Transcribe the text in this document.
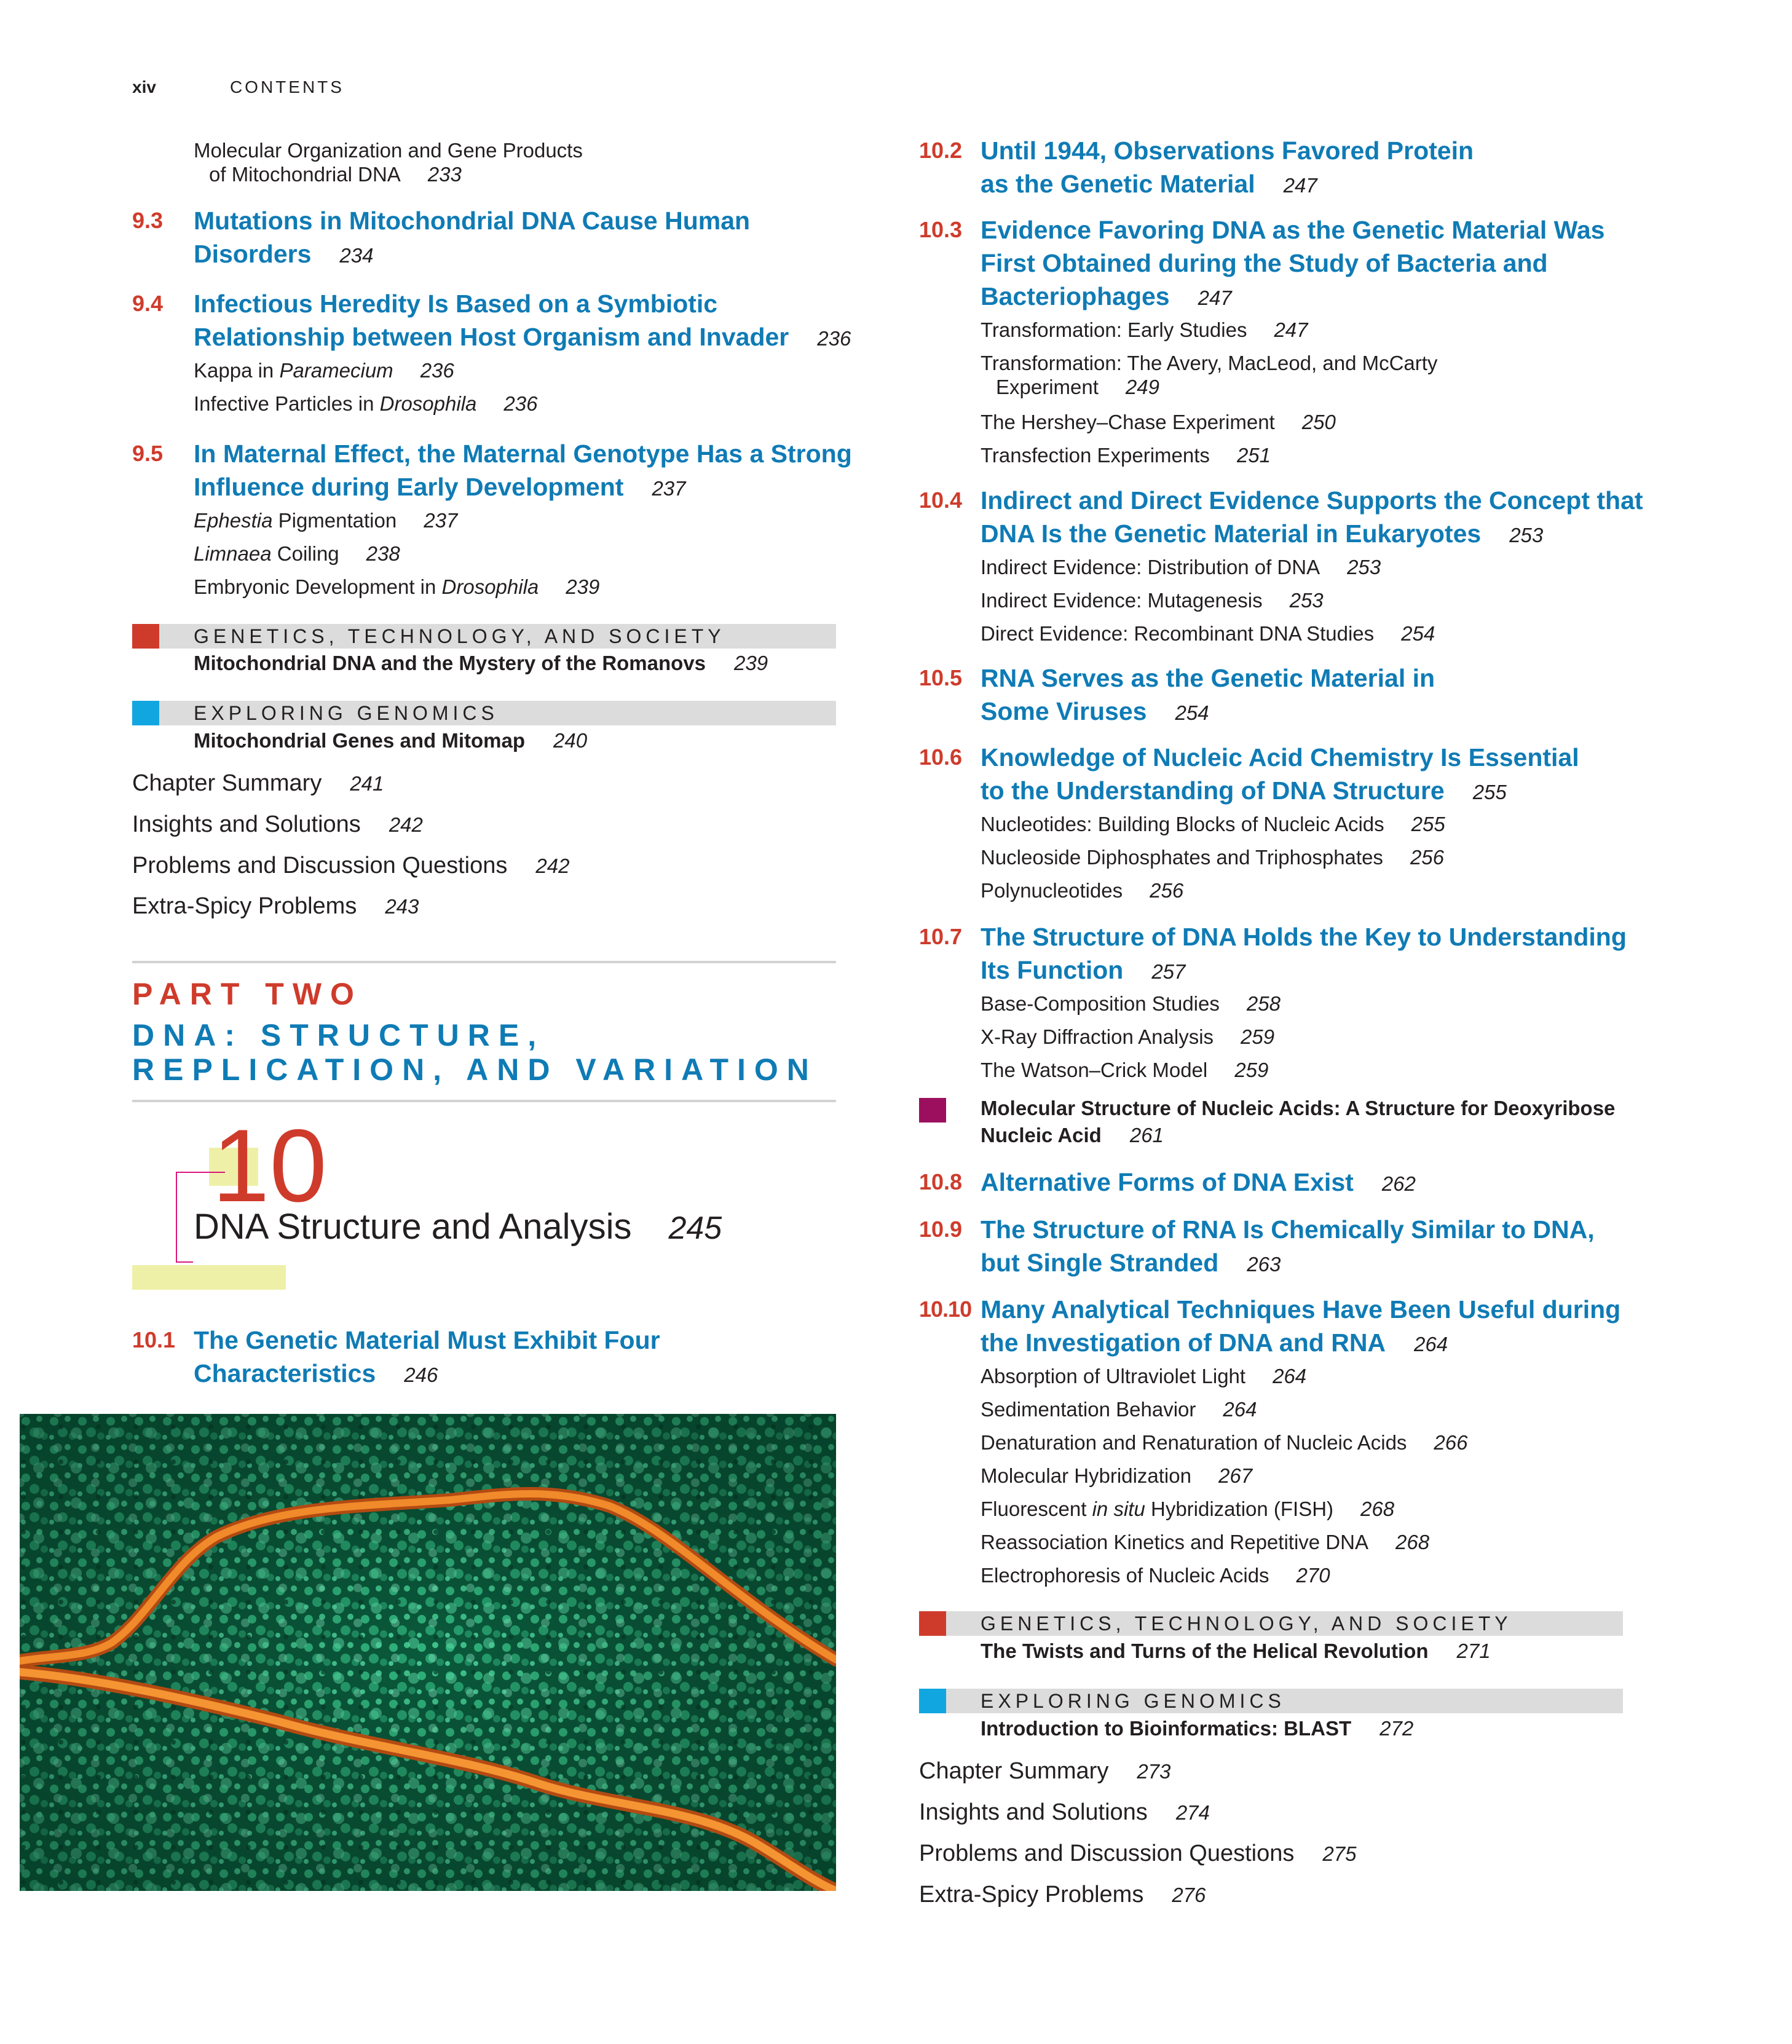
xiv	CONTENTS
Molecular Organization and Gene Products
of Mitochondrial DNA 233
9.3 Mutations in Mitochondrial DNA Cause Human
Disorders 234
9.4 Infectious Heredity Is Based on a Symbiotic
Relationship between Host Organism and Invader 236
Kappa in Paramecium 236
Infective Particles in Drosophila 236
9.5 In Maternal Effect, the Maternal Genotype Has a Strong
Influence during Early Development 237
Ephestia Pigmentation 237
Limnaea Coiling 238
Embryonic Development in Drosophila 239
GENETICS, TECHNOLOGY, AND SOCIETY
Mitochondrial DNA and the Mystery of the Romanovs 239
EXPLORING GENOMICS
Mitochondrial Genes and Mitomap 240
Chapter Summary 241
Insights and Solutions 242
Problems and Discussion Questions 242
Extra-Spicy Problems 243
PART TWO
DNA: STRUCTURE,
REPLICATION, AND VARIATION
10
DNA Structure and Analysis 245
10.1 The Genetic Material Must Exhibit Four
Characteristics 246
10.2 Until 1944, Observations Favored Protein
as the Genetic Material 247
10.3 Evidence Favoring DNA as the Genetic Material Was
First Obtained during the Study of Bacteria and
Bacteriophages 247
Transformation: Early Studies 247
Transformation: The Avery, MacLeod, and McCarty
Experiment 249
The Hershey–Chase Experiment 250
Transfection Experiments 251
10.4 Indirect and Direct Evidence Supports the Concept that
DNA Is the Genetic Material in Eukaryotes 253
Indirect Evidence: Distribution of DNA 253
Indirect Evidence: Mutagenesis 253
Direct Evidence: Recombinant DNA Studies 254
10.5 RNA Serves as the Genetic Material in
Some Viruses 254
10.6 Knowledge of Nucleic Acid Chemistry Is Essential
to the Understanding of DNA Structure 255
Nucleotides: Building Blocks of Nucleic Acids 255
Nucleoside Diphosphates and Triphosphates 256
Polynucleotides 256
10.7 The Structure of DNA Holds the Key to Understanding
Its Function 257
Base-Composition Studies 258
X-Ray Diffraction Analysis 259
The Watson–Crick Model 259
Molecular Structure of Nucleic Acids: A Structure for Deoxyribose
Nucleic Acid 261
10.8 Alternative Forms of DNA Exist 262
10.9 The Structure of RNA Is Chemically Similar to DNA,
but Single Stranded 263
10.10 Many Analytical Techniques Have Been Useful during
the Investigation of DNA and RNA 264
Absorption of Ultraviolet Light 264
Sedimentation Behavior 264
Denaturation and Renaturation of Nucleic Acids 266
Molecular Hybridization 267
Fluorescent in situ Hybridization (FISH) 268
Reassociation Kinetics and Repetitive DNA 268
Electrophoresis of Nucleic Acids 270
GENETICS, TECHNOLOGY, AND SOCIETY
The Twists and Turns of the Helical Revolution 271
EXPLORING GENOMICS
Introduction to Bioinformatics: BLAST 272
Chapter Summary 273
Insights and Solutions 274
Problems and Discussion Questions 275
Extra-Spicy Problems 276
